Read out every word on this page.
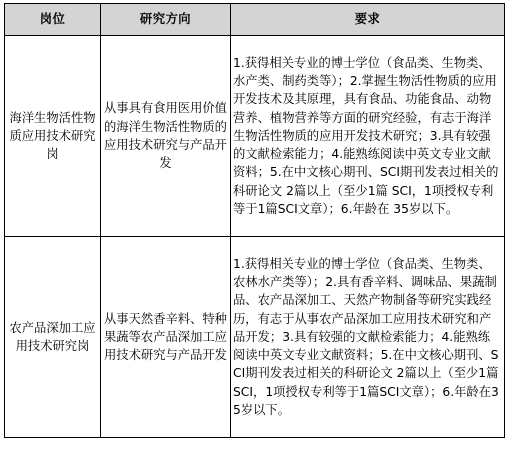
岗位	研究方向	要求
海洋生物活性物质应用技术研究岗	从事具有食用医用价值的海洋生物活性物质的应用技术研究与产品开发	1.获得相关专业的博士学位（食品类、生物类、水产类、制药类等）；2.掌握生物活性物质的应用开发技术及其原理，具有食品、功能食品、动物营养、植物营养等方面的研究经验，有志于海洋生物活性物质的应用开发技术研究；3.具有较强的文献检索能力；4.能熟练阅读中英文专业文献资料；5.在中文核心期刊、SCI期刊发表过相关的科研论文 2篇以上（至少1篇 SCI，1项授权专利等于1篇SCI文章）；6.年龄在 35岁以下。
农产品深加工应用技术研究岗	从事天然香辛料、特种果蔬等农产品深加工应用技术研究与产品开发	1.获得相关专业的博士学位（食品类、生物类、农林水产类等）；2.具有香辛料、调味品、果蔬制品、农产品深加工、天然产物制备等研究实践经历，有志于从事农产品深加工应用技术研究和产品开发；3.具有较强的文献检索能力；4.能熟练阅读中英文专业文献资料；5.在中文核心期刊、SCI期刊发表过相关的科研论文 2篇以上（至少1篇 SCI，1项授权专利等于1篇SCI文章）；6.年龄在35岁以下。
